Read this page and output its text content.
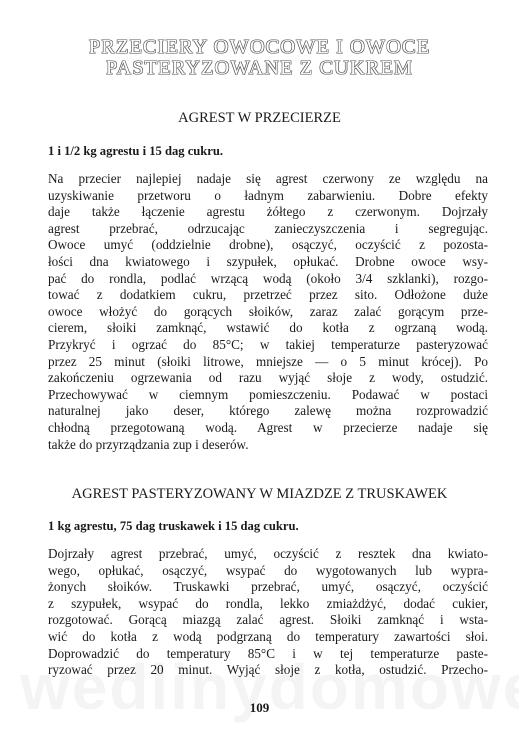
PRZECIERY OWOCOWE I OWOCE
PASTERYZOWANE Z CUKREM
AGREST W PRZECIERZE

1 i 1/2 kg agrestu i 15 dag cukru.

Na przecier najlepiej nadaje się agrest czerwony ze względu na
uzyskiwanie przetworu o ładnym zabarwieniu. Dobre efekty
daje także łączenie agrestu żółtego z czerwonym. Dojrzały
agrest przebrać, odrzucając zanieczyszczenia i segregując.
Owoce umyć (oddzielnie drobne), osączyć, oczyścić z pozosta-
łości dna kwiatowego i szypułek, opłukać. Drobne owoce wsy-
pać do rondla, podlać wrzącą wodą (około 3/4 szklanki), rozgo-
tować z dodatkiem cukru, przetrzeć przez sito. Odłożone duże
owoce włożyć do gorących słoików, zaraz zalać gorącym prze-
cierem, słoiki zamknąć, wstawić do kotła z ogrzaną wodą.
Przykryć i ogrzać do 85°C; w takiej temperaturze pasteryzować
przez 25 minut (słoiki litrowe, mniejsze — o 5 minut krócej). Po
zakończeniu ogrzewania od razu wyjąć słoje z wody, ostudzić.
Przechowywać w ciemnym pomieszczeniu. Podawać w postaci
naturalnej jako deser, którego zalewę można rozprowadzić
chłodną przegotowaną wodą. Agrest w przecierze nadaje się
także do przyrządzania zup i deserów.
AGREST PASTERYZOWANY W MIAZDZE Z TRUSKAWEK

1 kg agrestu, 75 dag truskawek i 15 dag cukru.

Dojrzały agrest przebrać, umyć, oczyścić z resztek dna kwiato-
wego, opłukać, osączyć, wsypać do wygotowanych lub wypra-
żonych słoików. Truskawki przebrać, umyć, osączyć, oczyścić
z szypułek, wsypać do rondla, lekko zmiażdżyć, dodać cukier,
rozgotować. Gorącą miazgą zalać agrest. Słoiki zamknąć i wsta-
wić do kotła z wodą podgrzaną do temperatury zawartości słoi.
Doprowadzić do temperatury 85°C i w tej temperaturze paste-
ryzować przez 20 minut. Wyjąć słoje z kotła, ostudzić. Przecho-

109
